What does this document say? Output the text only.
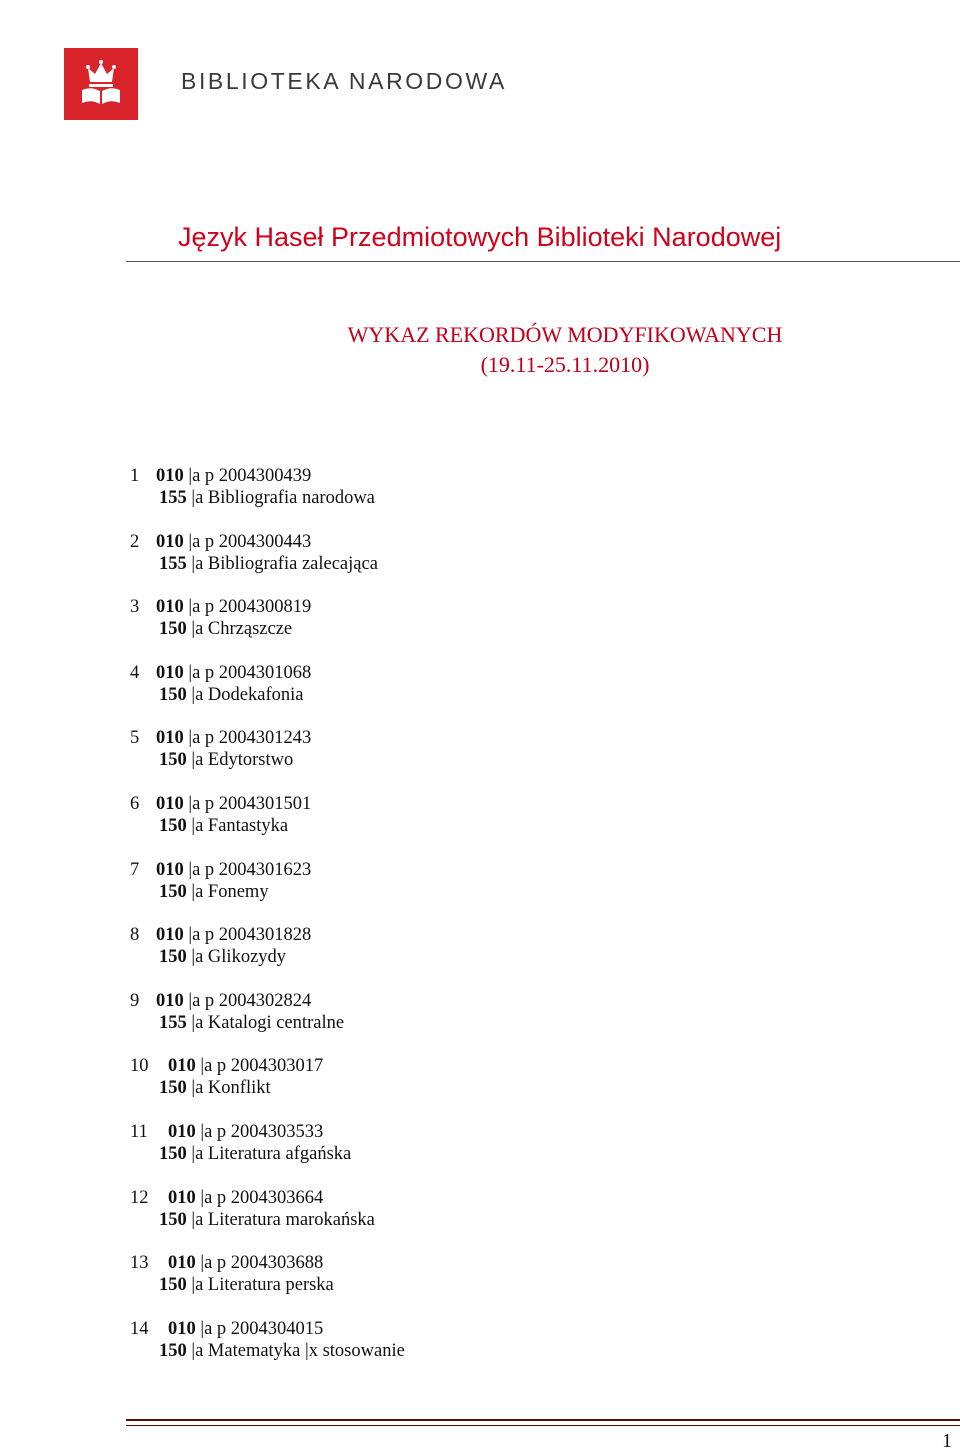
BIBLIOTEKA NARODOWA
Język Haseł Przedmiotowych Biblioteki Narodowej
WYKAZ REKORDÓW MODYFIKOWANYCH
(19.11-25.11.2010)
1 010 |a p 2004300439
155 |a Bibliografia narodowa
2 010 |a p 2004300443
155 |a Bibliografia zalecająca
3 010 |a p 2004300819
150 |a Chrząszcze
4 010 |a p 2004301068
150 |a Dodekafonia
5 010 |a p 2004301243
150 |a Edytorstwo
6 010 |a p 2004301501
150 |a Fantastyka
7 010 |a p 2004301623
150 |a Fonemy
8 010 |a p 2004301828
150 |a Glikozydy
9 010 |a p 2004302824
155 |a Katalogi centralne
10 010 |a p 2004303017
150 |a Konflikt
11 010 |a p 2004303533
150 |a Literatura afgańska
12 010 |a p 2004303664
150 |a Literatura marokańska
13 010 |a p 2004303688
150 |a Literatura perska
14 010 |a p 2004304015
150 |a Matematyka |x stosowanie
1
